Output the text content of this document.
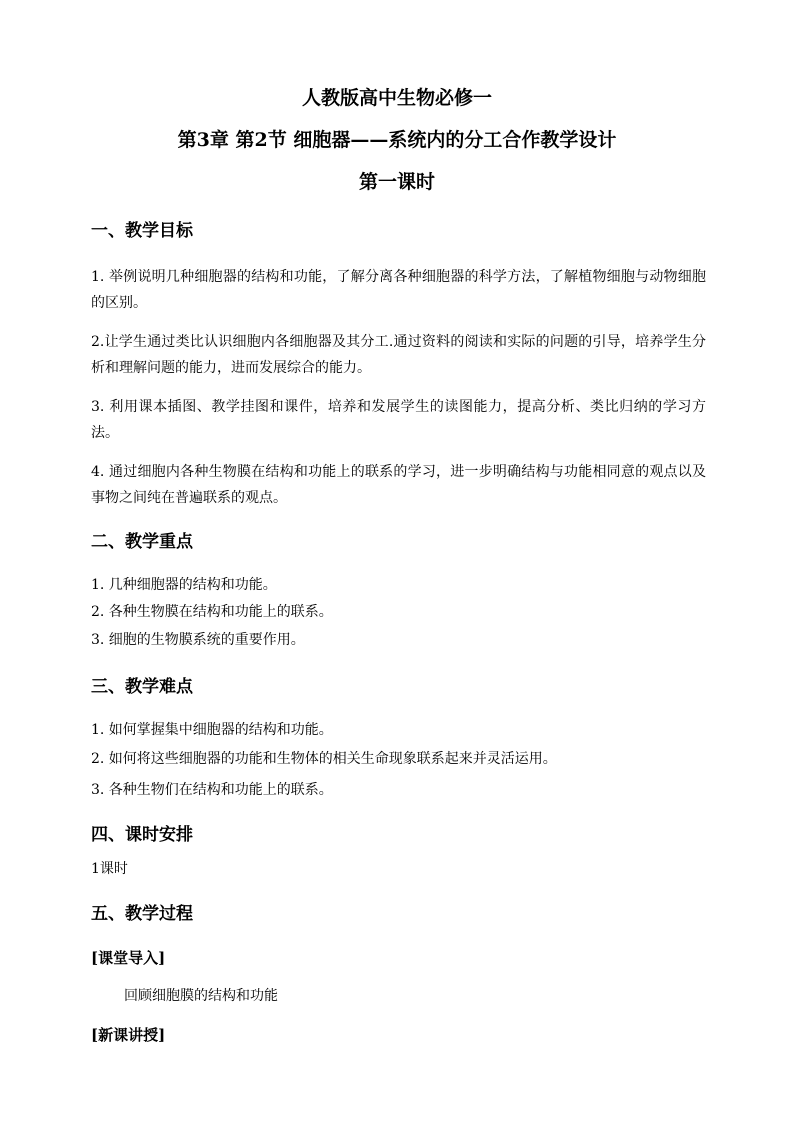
人教版高中生物必修一
第3章 第2节 细胞器——系统内的分工合作教学设计
第一课时
一、教学目标

1. 举例说明几种细胞器的结构和功能，了解分离各种细胞器的科学方法，了解植物细胞与动物细胞的区别。

2.让学生通过类比认识细胞内各细胞器及其分工.通过资料的阅读和实际的问题的引导，培养学生分析和理解问题的能力，进而发展综合的能力。

3. 利用课本插图、教学挂图和课件，培养和发展学生的读图能力，提高分析、类比归纳的学习方法。

4. 通过细胞内各种生物膜在结构和功能上的联系的学习，进一步明确结构与功能相同意的观点以及事物之间纯在普遍联系的观点。

二、教学重点

1. 几种细胞器的结构和功能。

2. 各种生物膜在结构和功能上的联系。

3. 细胞的生物膜系统的重要作用。

三、教学难点

1. 如何掌握集中细胞器的结构和功能。

2. 如何将这些细胞器的功能和生物体的相关生命现象联系起来并灵活运用。

3. 各种生物们在结构和功能上的联系。

四、课时安排

1课时

五、教学过程

[课堂导入]

回顾细胞膜的结构和功能

[新课讲授]
